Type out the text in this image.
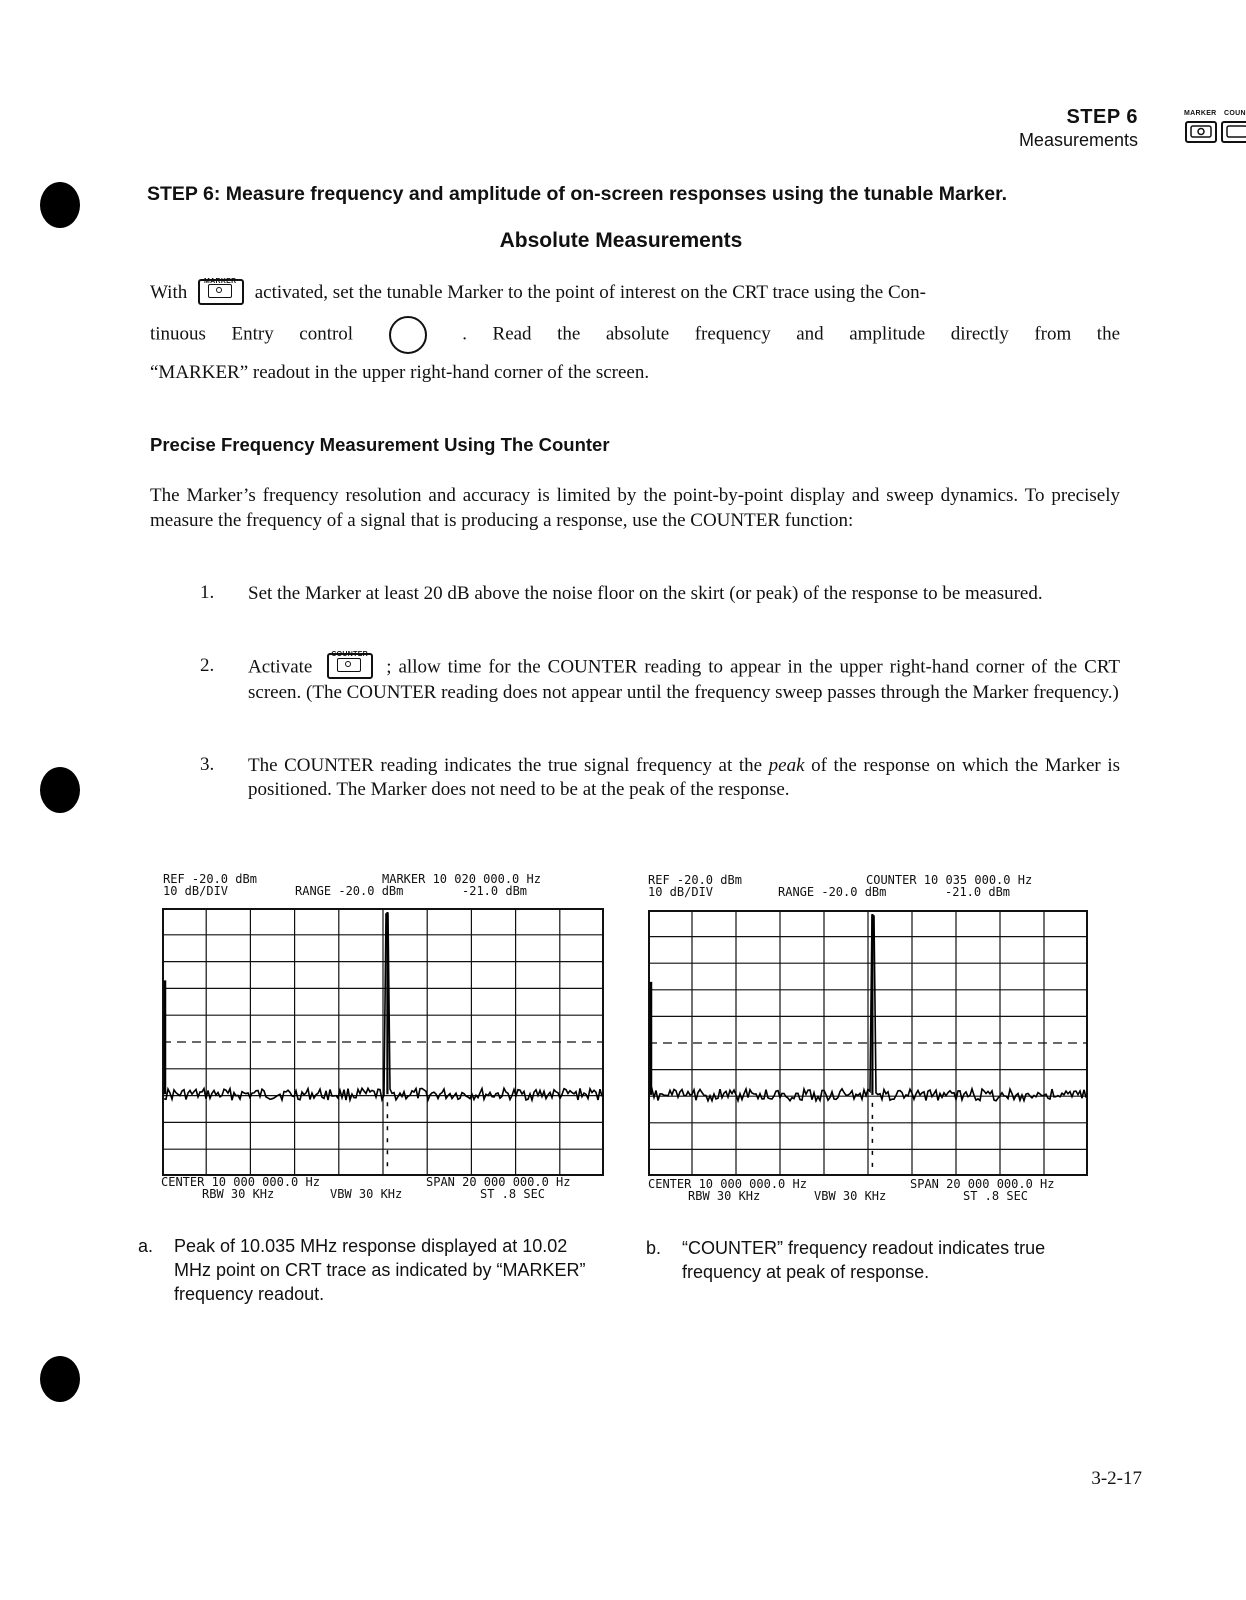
STEP 6
Measurements
MARKER COUN
STEP 6: Measure frequency and amplitude of on-screen responses using the tunable Marker.
Absolute Measurements
With
MARKER
activated, set the tunable Marker to the point of interest on the CRT trace using the Con-
tinuous Entry control	. Read the absolute frequency and amplitude directly from the
“MARKER” readout in the upper right-hand corner of the screen.
Precise Frequency Measurement Using The Counter
The Marker’s frequency resolution and accuracy is limited by the point-by-point display and sweep dynamics. To precisely measure the frequency of a signal that is producing a response, use the COUNTER function:
1. Set the Marker at least 20 dB above the noise floor on the skirt (or peak) of the response to be measured.
2. Activate
COUNTER
; allow time for the COUNTER reading to appear in the upper right-hand corner of the CRT screen. (The COUNTER reading does not appear until the frequency sweep passes through the Marker frequency.)
3. The COUNTER reading indicates the true signal frequency at the peak of the response on which the Marker is positioned. The Marker does not need to be at the peak of the response.
REF -20.0 dBm
10 dB/DIV
MARKER 10 020 000.0 Hz
RANGE -20.0 dBm	-21.0 dBm
CENTER 10 000 000.0 Hz	SPAN 20 000 000.0 Hz
RBW 30 KHz	VBW 30 KHz	ST .8 SEC
REF -20.0 dBm
10 dB/DIV
COUNTER 10 035 000.0 Hz
RANGE -20.0 dBm	-21.0 dBm
CENTER 10 000 000.0 Hz	SPAN 20 000 000.0 Hz
RBW 30 KHz	VBW 30 KHz	ST .8 SEC
a. Peak of 10.035 MHz response displayed at 10.02 MHz point on CRT trace as indicated by “MARKER” frequency readout.
b. “COUNTER” frequency readout indicates true frequency at peak of response.
3-2-17
